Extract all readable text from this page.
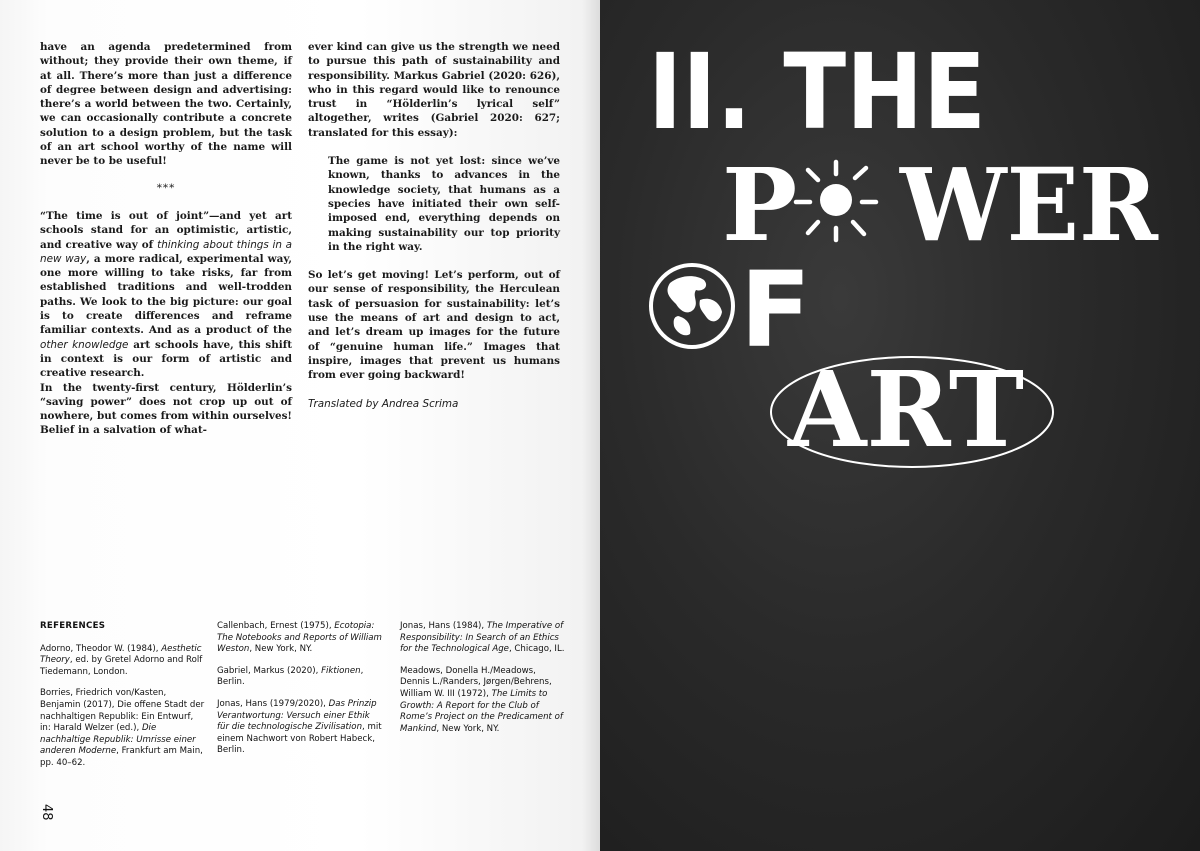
have an agenda predetermined from without; they provide their own theme, if at all. There’s more than just a difference of degree between design and advertising: there’s a world between the two. Certainly, we can occasionally contribute a concrete solution to a design problem, but the task of an art school worthy of the name will never be to be useful!

***

“The time is out of joint”—and yet art schools stand for an optimistic, artistic, and creative way of thinking about things in a new way, a more radical, experimental way, one more willing to take risks, far from established traditions and well-trodden paths. We look to the big picture: our goal is to create differences and reframe familiar contexts. And as a product of the other knowledge art schools have, this shift in context is our form of artistic and creative research.

In the twenty-first century, Hölderlin’s “saving power” does not crop up out of nowhere, but comes from within ourselves! Belief in a salvation of what-

ever kind can give us the strength we need to pursue this path of sustainability and responsibility. Markus Gabriel (2020: 626), who in this regard would like to renounce trust in “Hölderlin’s lyrical self” altogether, writes (Gabriel 2020: 627; translated for this essay):

The game is not yet lost: since we’ve known, thanks to advances in the knowledge society, that humans as a species have initiated their own self-imposed end, everything depends on making sustainability our top priority in the right way.

So let’s get moving! Let’s perform, out of our sense of responsibility, the Herculean task of persuasion for sustainability: let’s use the means of art and design to act, and let’s dream up images for the future of “genuine human life.” Images that inspire, images that prevent us humans from ever going backward!

Translated by Andrea Scrima

REFERENCES

Adorno, Theodor W. (1984), Aesthetic Theory, ed. by Gretel Adorno and Rolf Tiedemann, London.

Borries, Friedrich von/Kasten, Benjamin (2017), Die offene Stadt der nachhaltigen Republik: Ein Entwurf, in: Harald Welzer (ed.), Die nachhaltige Republik: Umrisse einer anderen Moderne, Frankfurt am Main, pp. 40–62.

Callenbach, Ernest (1975), Ecotopia: The Notebooks and Reports of William Weston, New York, NY.

Gabriel, Markus (2020), Fiktionen, Berlin.

Jonas, Hans (1979/2020), Das Prinzip Verantwortung: Versuch einer Ethik für die technologische Zivilisation, mit einem Nachwort von Robert Habeck, Berlin.

Jonas, Hans (1984), The Imperative of Responsibility: In Search of an Ethics for the Technological Age, Chicago, IL.

Meadows, Donella H./Meadows, Dennis L./Randers, Jørgen/Behrens, William W. III (1972), The Limits to Growth: A Report for the Club of Rome’s Project on the Predicament of Mankind, New York, NY.

48
II. THE
P WER
F
ART
